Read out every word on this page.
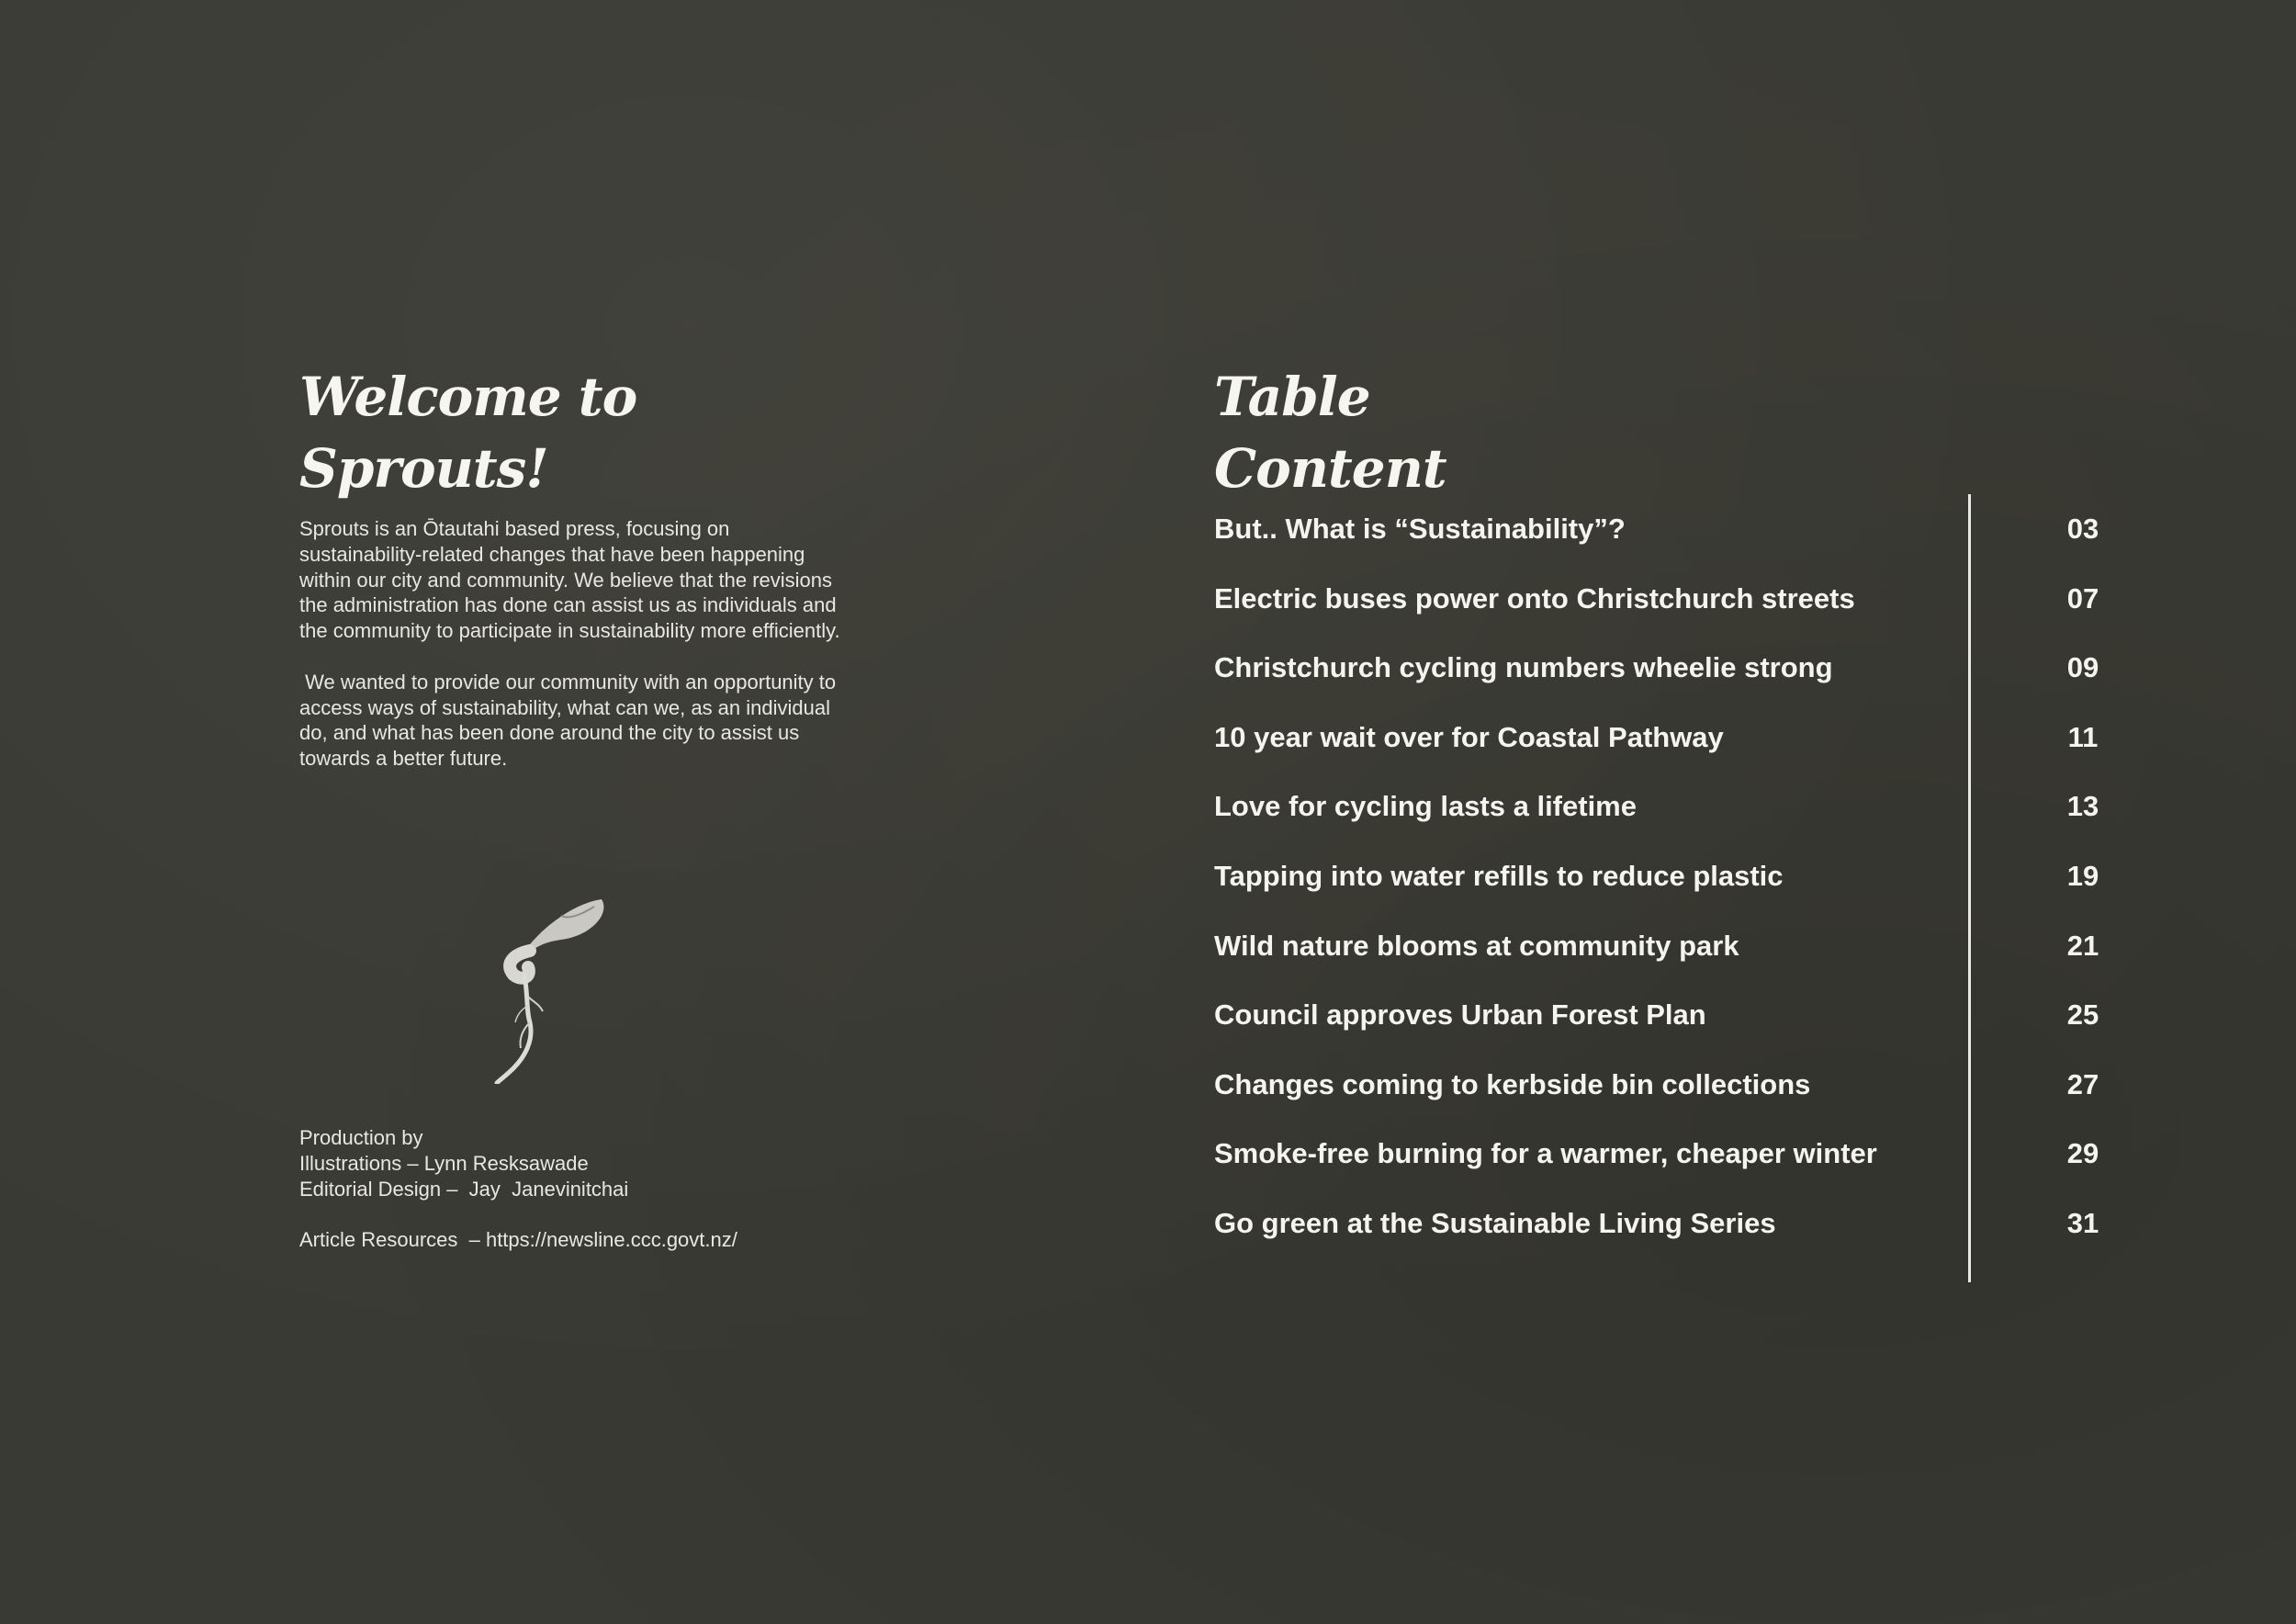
Welcome to
Sprouts!

Sprouts is an Ōtautahi based press, focusing on sustainability-related changes that have been happening within our city and community. We believe that the revisions the administration has done can assist us as individuals and the community to participate in sustainability more efficiently.

We wanted to provide our community with an opportunity to access ways of sustainability, what can we, as an individual do, and what has been done around the city to assist us towards a better future.

Production by
Illustrations – Lynn Resksawade
Editorial Design –  Jay  Janevinitchai
Article Resources  – https://newsline.ccc.govt.nz/
Table
Content
But.. What is “Sustainability”?	03
Electric buses power onto Christchurch streets	07
Christchurch cycling numbers wheelie strong	09
10 year wait over for Coastal Pathway	11
Love for cycling lasts a lifetime	13
Tapping into water refills to reduce plastic	19
Wild nature blooms at community park	21
Council approves Urban Forest Plan	25
Changes coming to kerbside bin collections	27
Smoke-free burning for a warmer, cheaper winter	29
Go green at the Sustainable Living Series	31
